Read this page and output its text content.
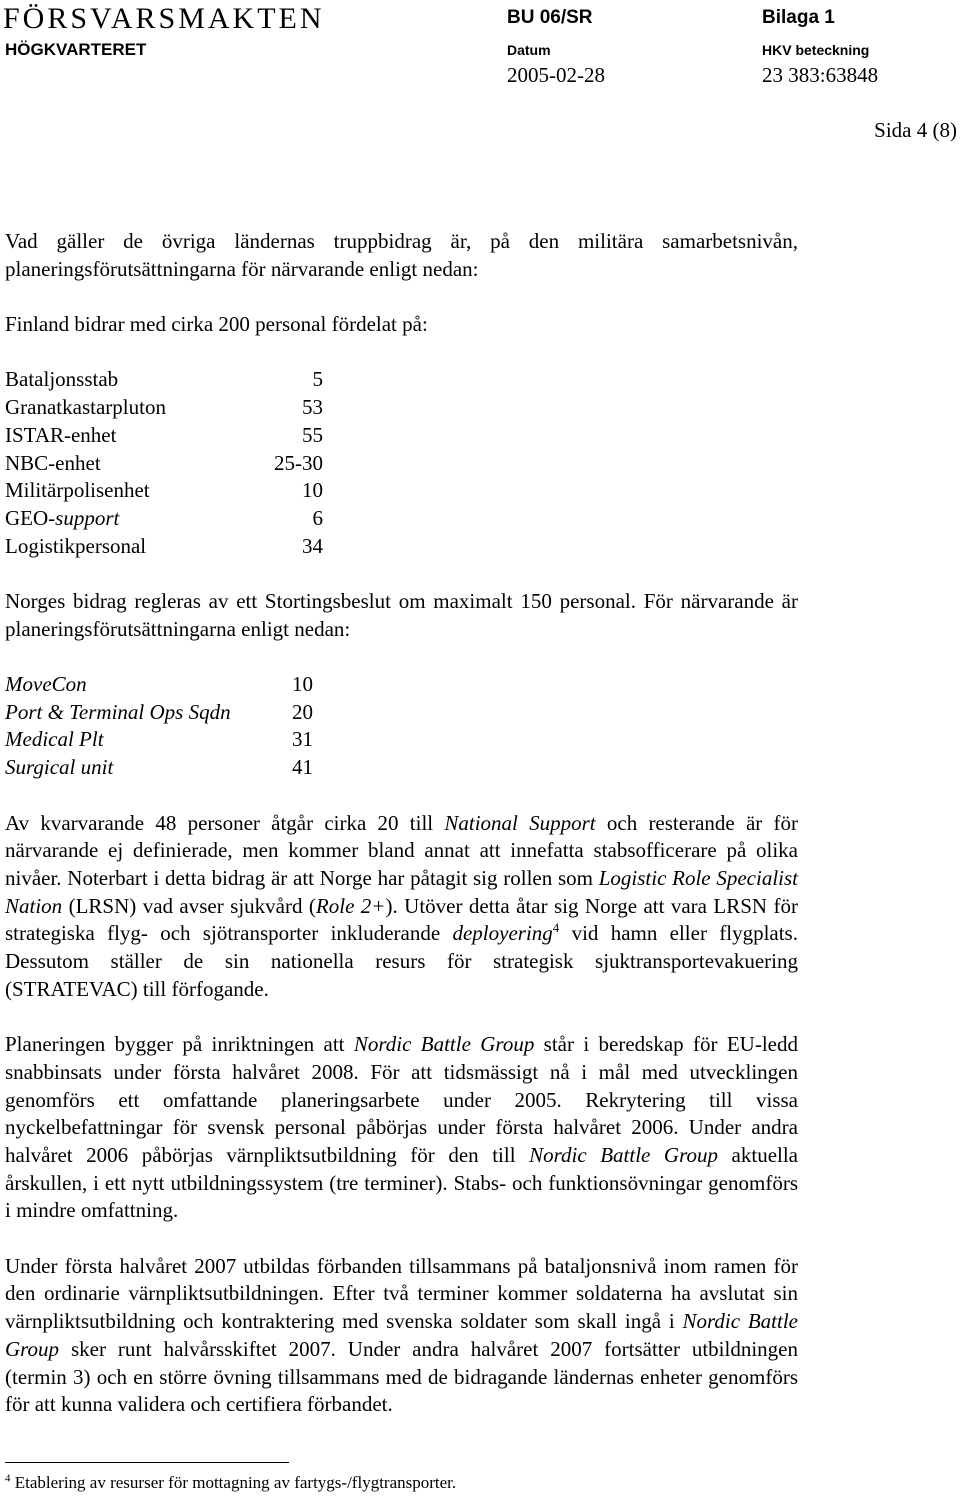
FÖRSVARSMAKTEN
HÖGKVARTERET
BU 06/SR	Bilaga 1
Datum	HKV beteckning
2005-02-28	23 383:63848
Sida 4 (8)

Vad gäller de övriga ländernas truppbidrag är, på den militära samarbetsnivån, planeringsförutsättningarna för närvarande enligt nedan:

Finland bidrar med cirka 200 personal fördelat på:

Bataljonsstab	5
Granatkastarpluton	53
ISTAR-enhet	55
NBC-enhet	25-30
Militärpolisenhet	10
GEO-support	6
Logistikpersonal	34

Norges bidrag regleras av ett Stortingsbeslut om maximalt 150 personal. För närvarande är planeringsförutsättningarna enligt nedan:

MoveCon	10
Port & Terminal Ops Sqdn	20
Medical Plt	31
Surgical unit	41

Av kvarvarande 48 personer åtgår cirka 20 till National Support och resterande är för närvarande ej definierade, men kommer bland annat att innefatta stabsofficerare på olika nivåer. Noterbart i detta bidrag är att Norge har påtagit sig rollen som Logistic Role Specialist Nation (LRSN) vad avser sjukvård (Role 2+). Utöver detta åtar sig Norge att vara LRSN för strategiska flyg- och sjötransporter inkluderande deployering$^4$ vid hamn eller flygplats. Dessutom ställer de sin nationella resurs för strategisk sjuktransportevakuering (STRATEVAC) till förfogande.

Planeringen bygger på inriktningen att Nordic Battle Group står i beredskap för EU-ledd snabbinsats under första halvåret 2008. För att tidsmässigt nå i mål med utvecklingen genomförs ett omfattande planeringsarbete under 2005. Rekrytering till vissa nyckelbefattningar för svensk personal påbörjas under första halvåret 2006. Under andra halvåret 2006 påbörjas värnpliktsutbildning för den till Nordic Battle Group aktuella årskullen, i ett nytt utbildningssystem (tre terminer). Stabs- och funktionsövningar genomförs i mindre omfattning.

Under första halvåret 2007 utbildas förbanden tillsammans på bataljonsnivå inom ramen för den ordinarie värnpliktsutbildningen. Efter två terminer kommer soldaterna ha avslutat sin värnpliktsutbildning och kontraktering med svenska soldater som skall ingå i Nordic Battle Group sker runt halvårsskiftet 2007. Under andra halvåret 2007 fortsätter utbildningen (termin 3) och en större övning tillsammans med de bidragande ländernas enheter genomförs för att kunna validera och certifiera förbandet.

$^4$ Etablering av resurser för mottagning av fartygs-/flygtransporter.
